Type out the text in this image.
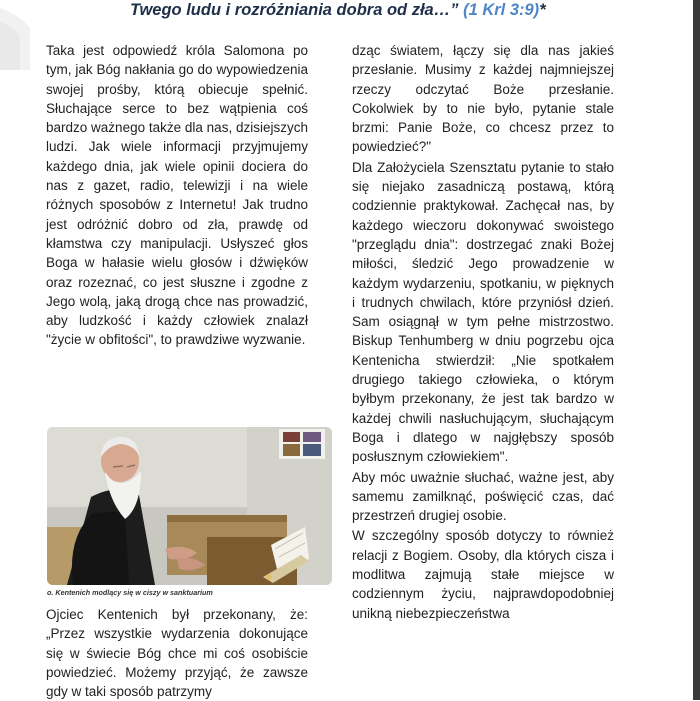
Twego ludu i rozróżniania dobra od zła…” (1 Krl 3:9)*

Taka jest odpowiedź króla Salomona po tym, jak Bóg nakłania go do wypowiedzenia swojej prośby, którą obiecuje spełnić. Słuchające serce to bez wątpienia coś bardzo ważnego także dla nas, dzisiejszych ludzi. Jak wiele informacji przyjmujemy każdego dnia, jak wiele opinii dociera do nas z gazet, radio, telewizji i na wiele różnych sposobów z Internetu! Jak trudno jest odróżnić dobro od zła, prawdę od kłamstwa czy manipulacji. Usłyszeć głos Boga w hałasie wielu głosów i dźwięków oraz rozeznać, co jest słuszne i zgodne z Jego wolą, jaką drogą chce nas prowadzić, aby ludzkość i każdy człowiek znalazł "życie w obfitości", to prawdziwe wyzwanie.

o. Kentenich modlący się w ciszy w sanktuarium

Ojciec Kentenich był przekonany, że: „Przez wszystkie wydarzenia dokonujące się w świecie Bóg chce mi coś osobiście powiedzieć. Możemy przyjąć, że zawsze gdy w taki sposób patrzymy

dząc światem, łączy się dla nas jakieś przesłanie. Musimy z każdej najmniejszej rzeczy odczytać Boże przesłanie. Cokolwiek by to nie było, pytanie stale brzmi: Panie Boże, co chcesz przez to powiedzieć?"

Dla Założyciela Szensztatu pytanie to stało się niejako zasadniczą postawą, którą codziennie praktykował. Zachęcał nas, by każdego wieczoru dokonywać swoistego "przeglądu dnia": dostrzegać znaki Bożej miłości, śledzić Jego prowadzenie w każdym wydarzeniu, spotkaniu, w pięknych i trudnych chwilach, które przyniósł dzień. Sam osiągnął w tym pełne mistrzostwo. Biskup Tenhumberg w dniu pogrzebu ojca Kentenicha stwierdził: „Nie spotkałem drugiego takiego człowieka, o którym byłbym przekonany, że jest tak bardzo w każdej chwili nasłuchującym, słuchającym Boga i dlatego w najgłębszy sposób posłusznym człowiekiem".

Aby móc uważnie słuchać, ważne jest, aby samemu zamilknąć, poświęcić czas, dać przestrzeń drugiej osobie.

W szczególny sposób dotyczy to również relacji z Bogiem. Osoby, dla których cisza i modlitwa zajmują stałe miejsce w codziennym życiu, najprawdopodobniej unikną niebezpieczeństwa
